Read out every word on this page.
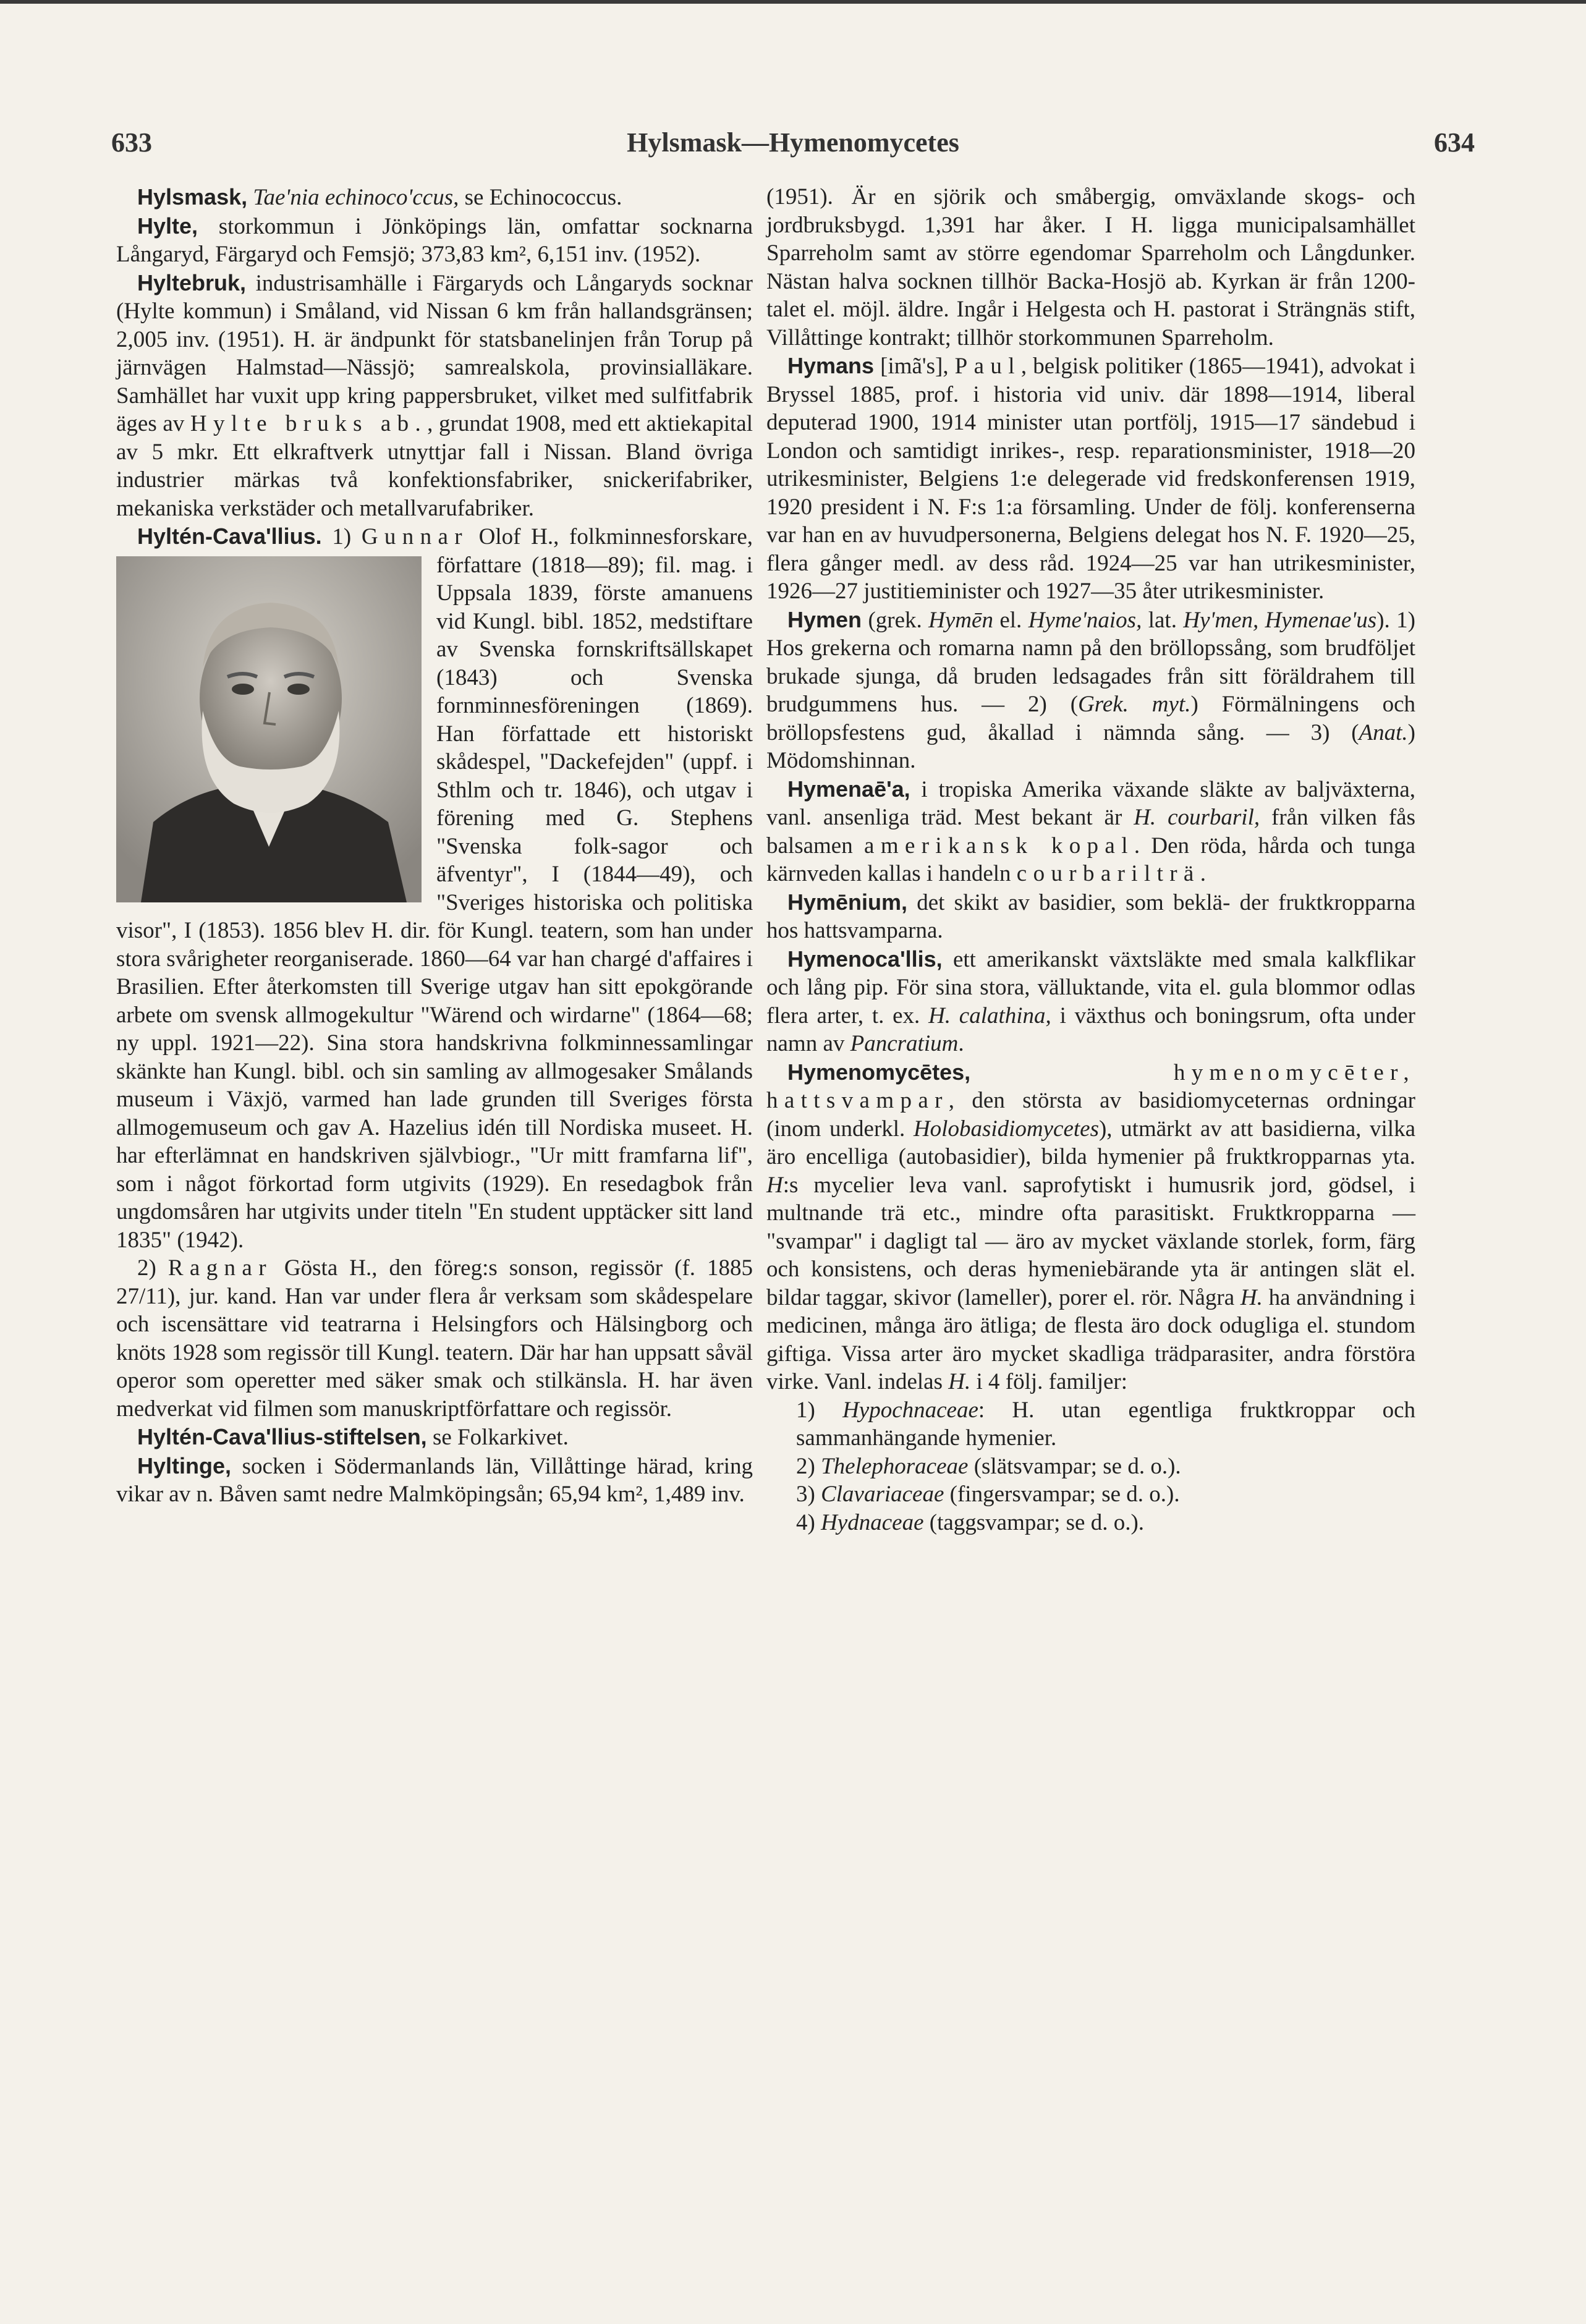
633	Hylsmask—Hymenomycetes	634

Hylsmask, Tae'nia echinoco'ccus, se Echinococcus.

Hylte, storkommun i Jönköpings län, omfattar socknarna Långaryd, Färgaryd och Femsjö; 373,83 km², 6,151 inv. (1952).

Hyltebruk, industrisamhälle i Färgaryds och Långaryds socknar (Hylte kommun) i Småland, vid Nissan 6 km från hallandsgränsen; 2,005 inv. (1951). H. är ändpunkt för statsbanelinjen från Torup på järnvägen Halmstad—Nässjö; samrealskola, provinsialläkare. Samhället har vuxit upp kring pappersbruket, vilket med sulfitfabrik äges av Hylte bruks ab., grundat 1908, med ett aktiekapital av 5 mkr. Ett elkraftverk utnyttjar fall i Nissan. Bland övriga industrier märkas två konfektionsfabriker, snickerifabriker, mekaniska verkstäder och metallvarufabriker.

Hyltén-Cava'llius. 1) Gunnar
Olof H., folkminnesforskare, författare (1818—89); fil. mag. i Uppsala 1839, förste amanuens vid Kungl. bibl. 1852, medstiftare av Svenska fornskriftsällskapet (1843) och Svenska fornminnesföreningen (1869). Han författade ett historiskt skådespel, "Dackefejden" (uppf. i Sthlm och tr. 1846), och utgav i förening med G. Stephens "Svenska folk-sagor och äfventyr", I (1844—49), och "Sveriges historiska och politiska visor", I (1853). 1856 blev H. dir. för Kungl. teatern, som han under stora svårigheter reorganiserade. 1860—64 var han chargé d'affaires i Brasilien. Efter återkomsten till Sverige utgav han sitt epokgörande arbete om svensk allmogekultur "Wärend och wirdarne" (1864—68; ny uppl. 1921—22). Sina stora handskrivna folkminnessamlingar skänkte han Kungl. bibl. och sin samling av allmogesaker Smålands museum i Växjö, varmed han lade grunden till Sveriges första allmogemuseum och gav A. Hazelius idén till Nordiska museet. H. har efterlämnat en handskriven självbiogr., "Ur mitt framfarna lif", som i något förkortad form utgivits (1929). En resedagbok från ungdomsåren har utgivits under titeln "En student upptäcker sitt land 1835" (1942).

2) Ragnar Gösta H., den föreg:s sonson, regissör (f. 1885 27/11), jur. kand. Han var under flera år verksam som skådespelare och iscensättare vid teatrarna i Helsingfors och Hälsingborg och knöts 1928 som regissör till Kungl. teatern. Där har han uppsatt såväl operor som operetter med säker smak och stilkänsla. H. har även medverkat vid filmen som manuskriptförfattare och regissör.

Hyltén-Cava'llius-stiftelsen, se Folkarkivet.

Hyltinge, socken i Södermanlands län, Villåttinge härad, kring vikar av n. Båven samt nedre Malmköpingsån; 65,94 km², 1,489 inv.

(1951). Är en sjörik och småbergig, omväxlande skogs- och jordbruksbygd. 1,391 har åker. I H. ligga municipalsamhället Sparreholm samt av större egendomar Sparreholm och Långdunker. Nästan halva socknen tillhör Backa-Hosjö ab. Kyrkan är från 1200-talet el. möjl. äldre. Ingår i Helgesta och H. pastorat i Strängnäs stift, Villåttinge kontrakt; tillhör storkommunen Sparreholm.

Hymans [imã's], Paul, belgisk politiker (1865—1941), advokat i Bryssel 1885, prof. i historia vid univ. där 1898—1914, liberal deputerad 1900, 1914 minister utan portfölj, 1915—17 sändebud i London och samtidigt inrikes-, resp. reparationsminister, 1918—20 utrikesminister, Belgiens 1:e delegerade vid fredskonferensen 1919, 1920 president i N. F:s 1:a församling. Under de följ. konferenserna var han en av huvudpersonerna, Belgiens delegat hos N. F. 1920—25, flera gånger medl. av dess råd. 1924—25 var han utrikesminister, 1926—27 justitieminister och 1927—35 åter utrikesminister.

Hymen (grek. Hymēn el. Hyme'naios, lat. Hy'men, Hymenae'us). 1) Hos grekerna och romarna namn på den bröllopssång, som brudföljet brukade sjunga, då bruden ledsagades från sitt föräldrahem till brudgummens hus. — 2) (Grek. myt.) Förmälningens och bröllopsfestens gud, åkallad i nämnda sång. — 3) (Anat.) Mödomshinnan.

Hymenaē'a, i tropiska Amerika växande släkte av baljväxterna, vanl. ansenliga träd. Mest bekant är H. courbaril, från vilken fås balsamen amerikansk kopal. Den röda, hårda och tunga kärnveden kallas i handeln courbarilträ.

Hymēnium, det skikt av basidier, som beklä- der fruktkropparna hos hattsvamparna.

Hymenoca'llis, ett amerikanskt växtsläkte med smala kalkflikar och lång pip. För sina stora, välluktande, vita el. gula blommor odlas flera arter, t. ex. H. calathina, i växthus och boningsrum, ofta under namn av Pancratium.

Hymenomycētes,	hymenomycēter, hattsvampar, den största av basidiomyceternas ordningar (inom underkl. Holobasidiomycetes), utmärkt av att basidierna, vilka äro encelliga (autobasidier), bilda hymenier på fruktkropparnas yta. H:s mycelier leva vanl. saprofytiskt i humusrik jord, gödsel, i multnande trä etc., mindre ofta parasitiskt. Fruktkropparna — "svampar" i dagligt tal — äro av mycket växlande storlek, form, färg och konsistens, och deras hymeniebärande yta är antingen slät el. bildar taggar, skivor (lameller), porer el. rör. Några H. ha användning i medicinen, många äro ätliga; de flesta äro dock odugliga el. stundom giftiga. Vissa arter äro mycket skadliga trädparasiter, andra förstöra virke. Vanl. indelas H. i 4 följ. familjer:

1) Hypochnaceae: H. utan egentliga fruktkroppar och sammanhängande hymenier.

2) Thelephoraceae (slätsvampar; se d. o.).

3) Clavariaceae (fingersvampar; se d. o.).

4) Hydnaceae (taggsvampar; se d. o.).
